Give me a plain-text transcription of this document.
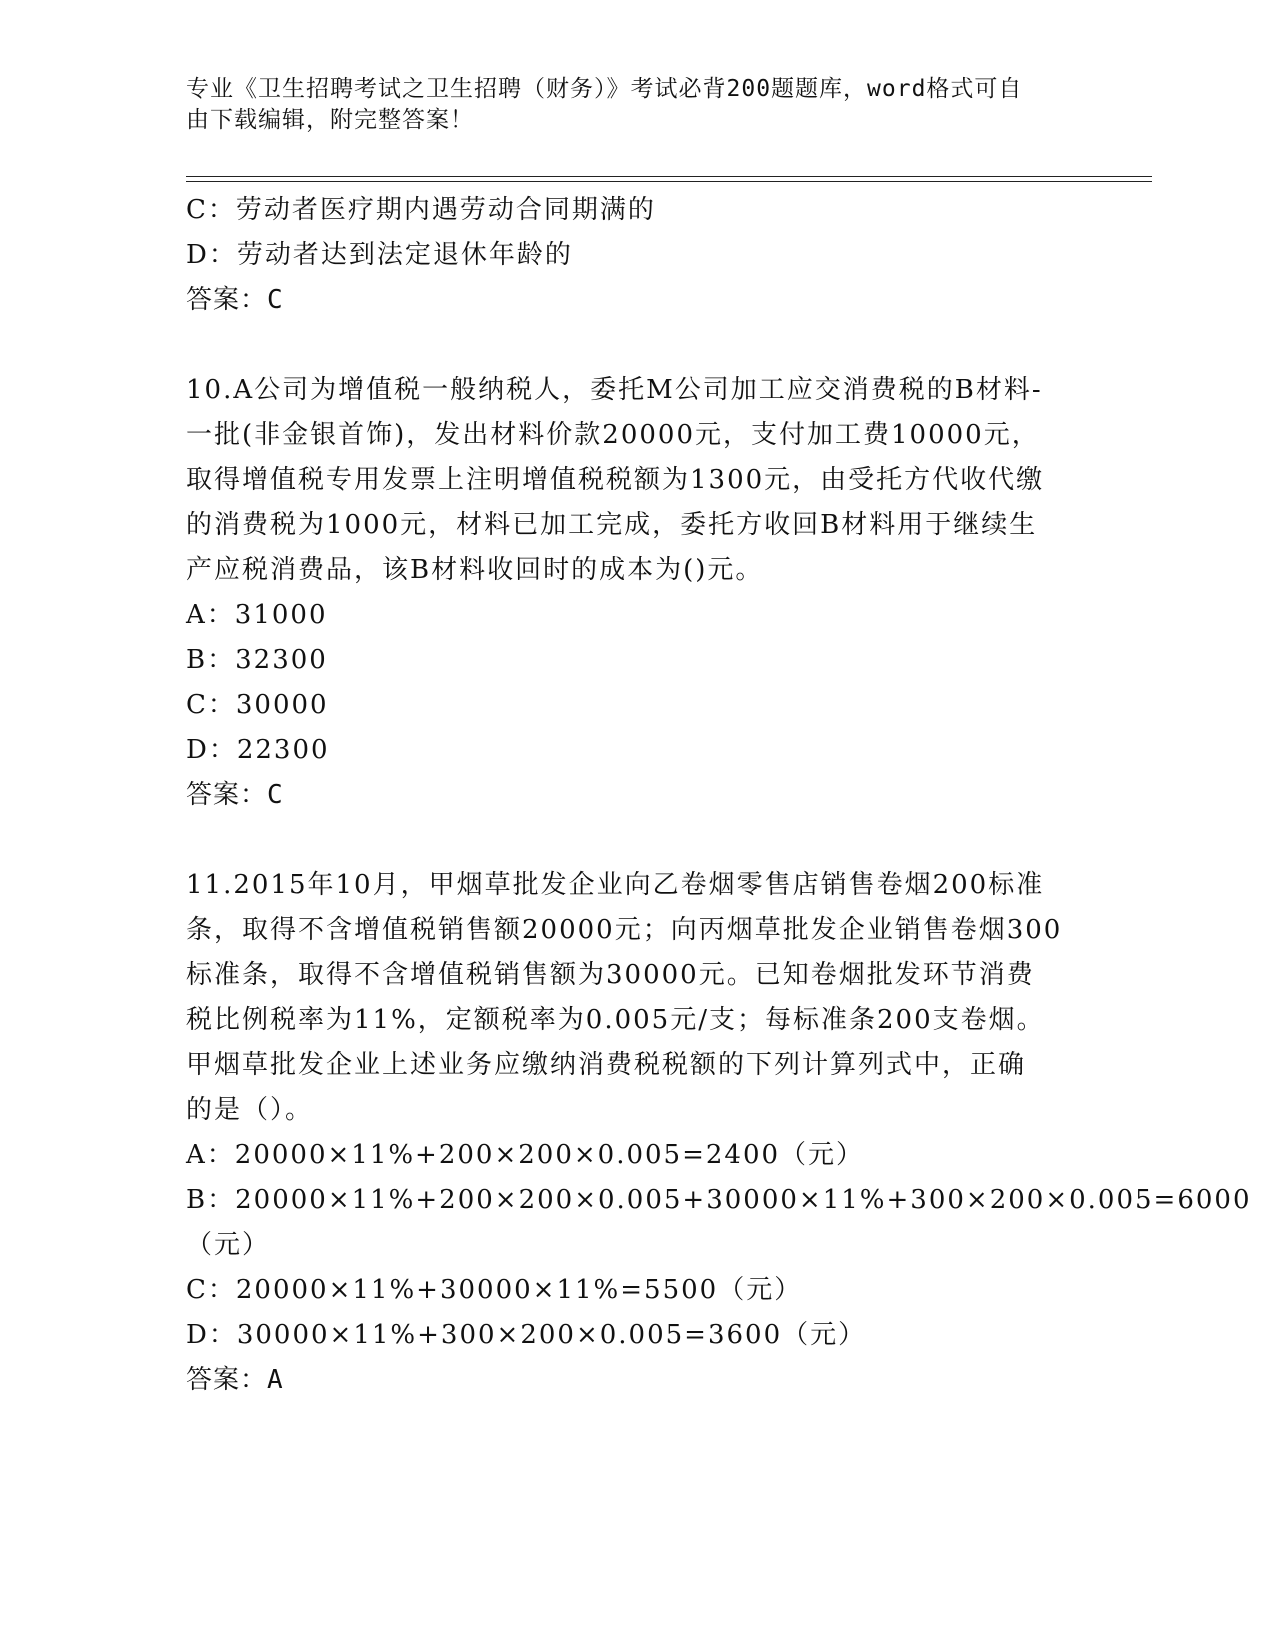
专业《卫生招聘考试之卫生招聘（财务）》考试必背200题题库，word格式可自
由下载编辑，附完整答案！
C：劳动者医疗期内遇劳动合同期满的
D：劳动者达到法定退休年龄的
答案：C
10.A公司为增值税一般纳税人，委托M公司加工应交消费税的B材料-
一批(非金银首饰)，发出材料价款20000元，支付加工费10000元，
取得增值税专用发票上注明增值税税额为1300元，由受托方代收代缴
的消费税为1000元，材料已加工完成，委托方收回B材料用于继续生
产应税消费品，该B材料收回时的成本为()元。
A：31000
B：32300
C：30000
D：22300
答案：C
11.2015年10月，甲烟草批发企业向乙卷烟零售店销售卷烟200标准
条，取得不含增值税销售额20000元；向丙烟草批发企业销售卷烟300
标准条，取得不含增值税销售额为30000元。已知卷烟批发环节消费
税比例税率为11%，定额税率为0.005元/支；每标准条200支卷烟。
甲烟草批发企业上述业务应缴纳消费税税额的下列计算列式中，正确
的是（）。
A：20000×11%+200×200×0.005=2400（元）
B：20000×11%+200×200×0.005+30000×11%+300×200×0.005=6000
（元）
C：20000×11%+30000×11%=5500（元）
D：30000×11%+300×200×0.005=3600（元）
答案：A
